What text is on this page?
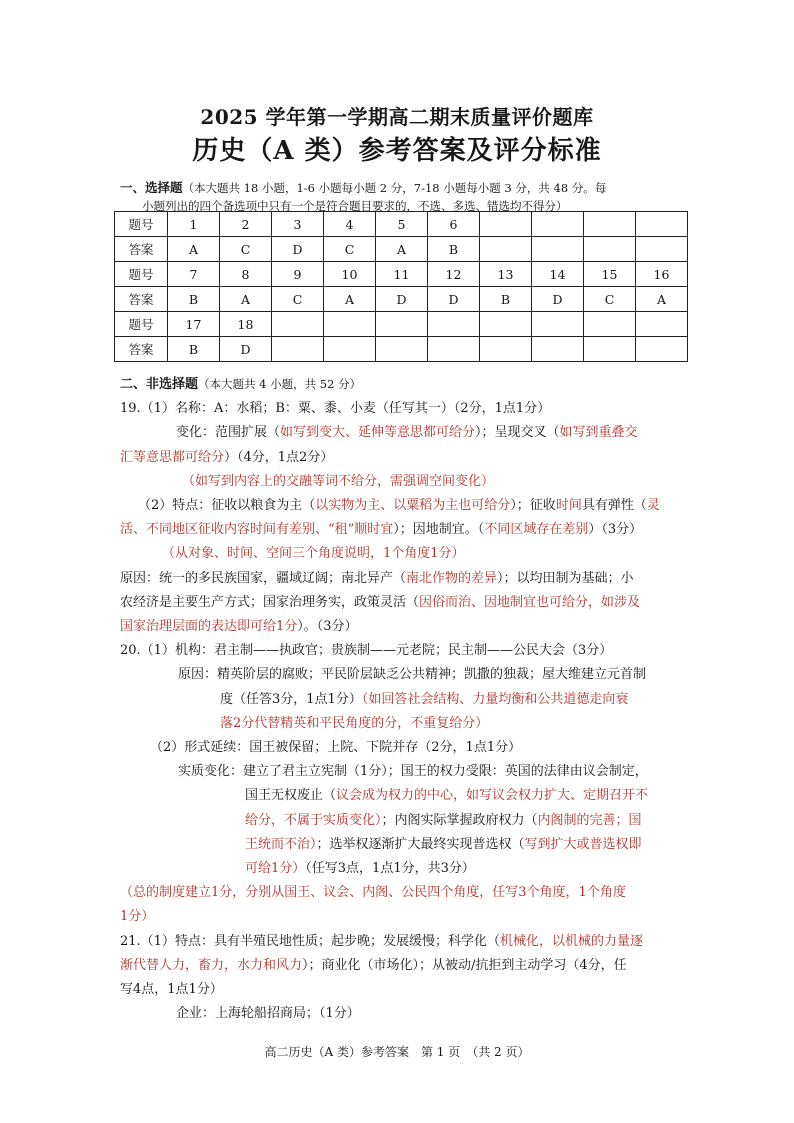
2025 学年第一学期高二期末质量评价题库
历史（A 类）参考答案及评分标准
一、选择题（本大题共 18 小题，1-6 小题每小题 2 分，7-18 小题每小题 3 分，共 48 分。每
小题列出的四个备选项中只有一个是符合题目要求的，不选、多选、错选均不得分）
题号	1	2	3	4	5	6				
答案	A	C	D	C	A	B				
题号	7	8	9	10	11	12	13	14	15	16
答案	B	A	C	A	D	D	B	D	C	A
题号	17	18								
答案	B	D								
二、非选择题（本大题共 4 小题，共 52 分）
19.（1）名称：A：水稻；B：粟、黍、小麦（任写其一）（2分，1点1分）
变化：范围扩展（如写到变大、延伸等意思都可给分）；呈现交叉（如写到重叠交
汇等意思都可给分）（4分，1点2分）
（如写到内容上的交融等词不给分，需强调空间变化）
（2）特点：征收以粮食为主（以实物为主、以粟稻为主也可给分）；征收时间具有弹性（灵
活、不同地区征收内容时间有差别、“租”顺时宜）；因地制宜。（不同区域存在差别）（3分）
（从对象、时间、空间三个角度说明，1个角度1分）
原因：统一的多民族国家，疆域辽阔；南北异产（南北作物的差异）；以均田制为基础；小
农经济是主要生产方式；国家治理务实，政策灵活（因俗而治、因地制宜也可给分，如涉及
国家治理层面的表达即可给1分）。（3分）
20.（1）机构：君主制——执政官；贵族制——元老院；民主制——公民大会（3分）
原因：精英阶层的腐败；平民阶层缺乏公共精神；凯撒的独裁；屋大维建立元首制
度（任答3分，1点1分）（如回答社会结构、力量均衡和公共道德走向衰
落2分代替精英和平民角度的分，不重复给分）
（2）形式延续：国王被保留；上院、下院并存（2分，1点1分）
实质变化：建立了君主立宪制（1分）；国王的权力受限：英国的法律由议会制定，
国王无权废止（议会成为权力的中心，如写议会权力扩大、定期召开不
给分，不属于实质变化）；内阁实际掌握政府权力（内阁制的完善；国
王统而不治）；选举权逐渐扩大最终实现普选权（写到扩大或普选权即
可给1分）（任写3点，1点1分，共3分）
（总的制度建立1分，分别从国王、议会、内阁、公民四个角度，任写3个角度，1个角度
1分）
21.（1）特点：具有半殖民地性质；起步晚；发展缓慢；科学化（机械化，以机械的力量逐
渐代替人力，畜力，水力和风力）；商业化（市场化）；从被动/抗拒到主动学习（4分，任
写4点，1点1分）
企业：上海轮船招商局；（1分）
高二历史（A 类）参考答案　第 1 页　（共 2 页）
